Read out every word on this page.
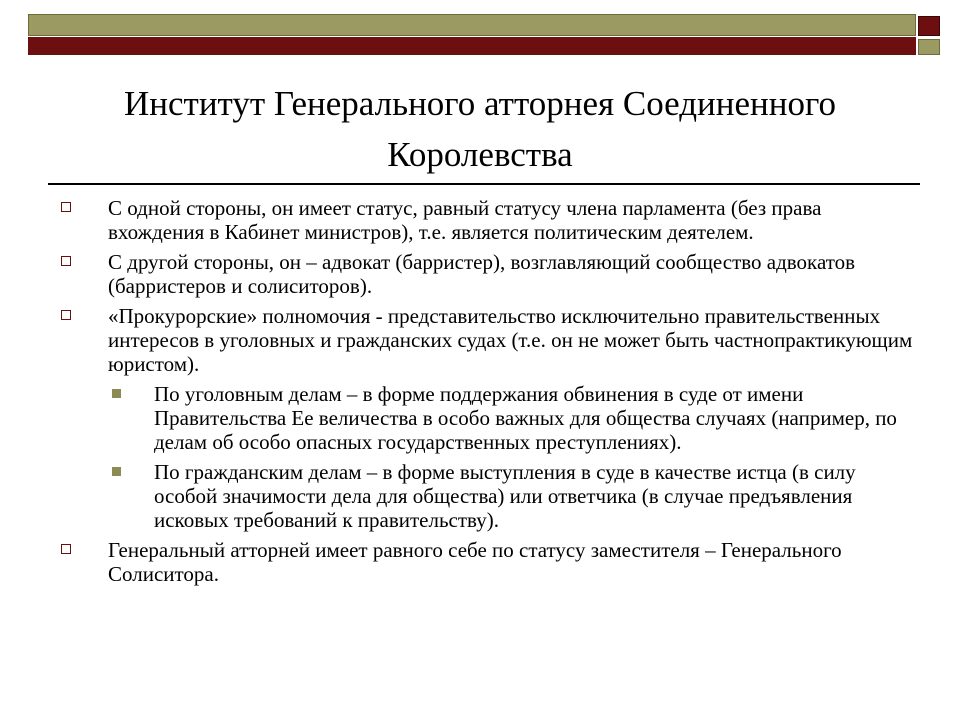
Институт Генерального атторнея Соединенного
Королевства
С одной стороны, он имеет статус, равный статусу члена парламента (без права вхождения в Кабинет министров), т.е. является политическим деятелем.
С другой стороны, он – адвокат (барристер), возглавляющий сообщество адвокатов (барристеров и солиситоров).
«Прокурорские» полномочия - представительство исключительно правительственных интересов в уголовных и гражданских судах (т.е. он не может быть частнопрактикующим юристом).
По уголовным делам – в форме поддержания обвинения в суде от имени Правительства Ее величества в особо важных для общества случаях (например, по делам об особо опасных государственных преступлениях).
По гражданским делам – в форме выступления в суде в качестве истца (в силу особой значимости дела для общества) или ответчика (в случае предъявления исковых требований к правительству).
Генеральный атторней имеет равного себе по статусу заместителя – Генерального Солиситора.
